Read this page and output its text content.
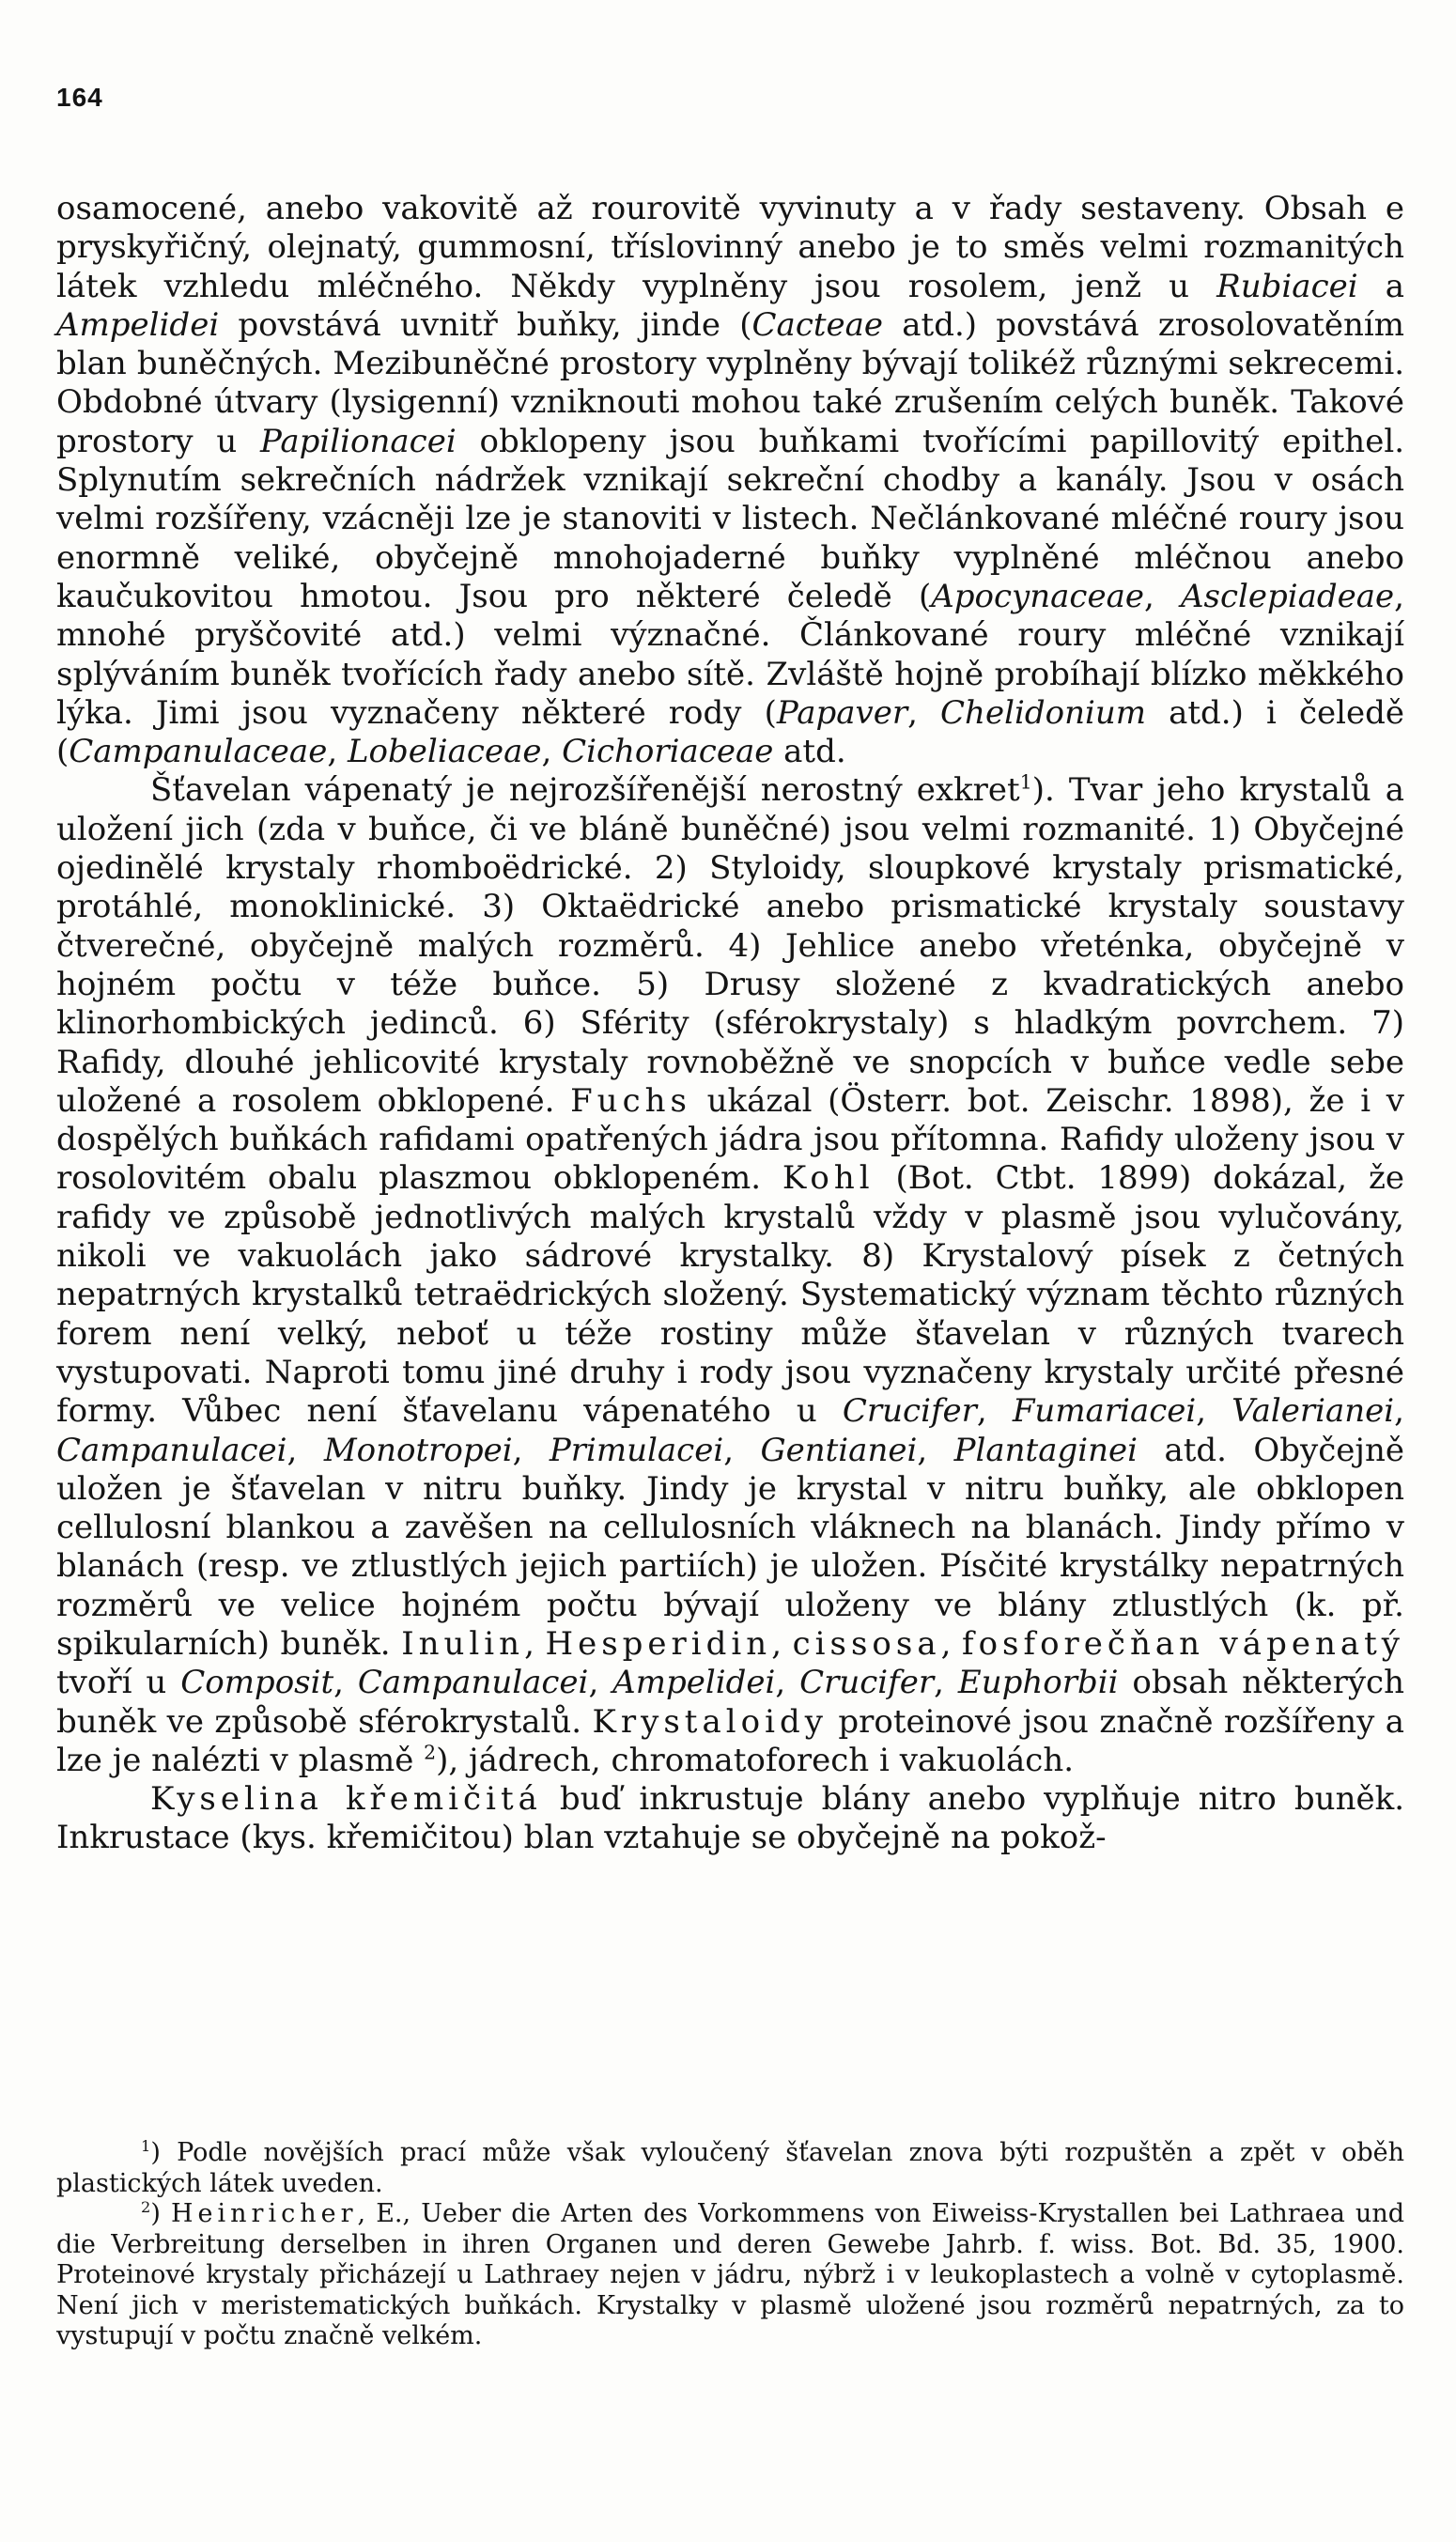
164

osamocené, anebo vakovitě až rourovitě vyvinuty a v řady sestaveny. Obsah e pryskyřičný, olejnatý, gummosní, tříslovinný anebo je to směs velmi rozmanitých látek vzhledu mléčného. Někdy vyplněny jsou rosolem, jenž u Rubiacei a Ampelidei povstává uvnitř buňky, jinde (Cacteae atd.) povstává zrosolovatěním blan buněčných. Mezibuněčné prostory vyplněny bývají tolikéž různými sekrecemi. Obdobné útvary (lysigenní) vzniknouti mohou také zrušením celých buněk. Takové prostory u Papilionacei obklopeny jsou buňkami tvořícími papillovitý epithel. Splynutím sekrečních nádržek vznikají sekreční chodby a kanály. Jsou v osách velmi rozšířeny, vzácněji lze je stanoviti v listech. Nečlánkované mléčné roury jsou enormně veliké, obyčejně mnohojaderné buňky vyplněné mléčnou anebo kaučukovitou hmotou. Jsou pro některé čeledě (Apocynaceae, Asclepiadeae, mnohé pryščovité atd.) velmi význačné. Článkované roury mléčné vznikají splýváním buněk tvořících řady anebo sítě. Zvláště hojně probíhají blízko měkkého lýka. Jimi jsou vyznačeny některé rody (Papaver, Chelidonium atd.) i čeledě (Campanulaceae, Lobeliaceae, Cichoriaceae atd.

Šťavelan vápenatý je nejrozšířenější nerostný exkret$^1$). Tvar jeho krystalů a uložení jich (zda v buňce, či ve bláně buněčné) jsou velmi rozmanité. 1) Obyčejné ojedinělé krystaly rhomboëdrické. 2) Styloidy, sloupkové krystaly prismatické, protáhlé, monoklinické. 3) Oktaëdrické anebo prismatické krystaly soustavy čtverečné, obyčejně malých rozměrů. 4) Jehlice anebo vřeténka, obyčejně v hojném počtu v téže buňce. 5) Drusy složené z kvadratických anebo klinorhombických jedinců. 6) Sférity (sférokrystaly) s hladkým povrchem. 7) Rafidy, dlouhé jehlicovité krystaly rovnoběžně ve snopcích v buňce vedle sebe uložené a rosolem obklopené. Fuchs ukázal (Österr. bot. Zeischr. 1898), že i v dospělých buňkách rafidami opatřených jádra jsou přítomna. Rafidy uloženy jsou v rosolovitém obalu plaszmou obklopeném. Kohl (Bot. Ctbt. 1899) dokázal, že rafidy ve způsobě jednotlivých malých krystalů vždy v plasmě jsou vylučovány, nikoli ve vakuolách jako sádrové krystalky. 8) Krystalový písek z četných nepatrných krystalků tetraëdrických složený. Systematický význam těchto různých forem není velký, neboť u téže rostiny může šťavelan v různých tvarech vystupovati. Naproti tomu jiné druhy i rody jsou vyznačeny krystaly určité přesné formy. Vůbec není šťavelanu vápenatého u Crucifer, Fumariacei, Valerianei, Campanulacei, Monotropei, Primulacei, Gentianei, Plantaginei atd. Obyčejně uložen je šťavelan v nitru buňky. Jindy je krystal v nitru buňky, ale obklopen cellulosní blankou a zavěšen na cellulosních vláknech na blanách. Jindy přímo v blanách (resp. ve ztlustlých jejich partiích) je uložen. Písčité krystálky nepatrných rozměrů ve velice hojném počtu bývají uloženy ve blány ztlustlých (k. př. spikularních) buněk. Inulin, Hesperidin, cissosa, fosforečňan vápenatý tvoří u Composit, Campanulacei, Ampelidei, Crucifer, Euphorbii obsah některých buněk ve způsobě sférokrystalů. Krystaloidy proteinové jsou značně rozšířeny a lze je nalézti v plasmě $^2$), jádrech, chromatoforech i vakuolách.

Kyselina křemičitá buď inkrustuje blány anebo vyplňuje nitro buněk. Inkrustace (kys. křemičitou) blan vztahuje se obyčejně na pokož-

$^1$) Podle novějších prací může však vyloučený šťavelan znova býti rozpuštěn a zpět v oběh plastických látek uveden.

$^2$) Heinricher, E., Ueber die Arten des Vorkommens von Eiweiss-Krystallen bei Lathraea und die Verbreitung derselben in ihren Organen und deren Gewebe Jahrb. f. wiss. Bot. Bd. 35, 1900. Proteinové krystaly přicházejí u Lathraey nejen v jádru, nýbrž i v leukoplastech a volně v cytoplasmě. Není jich v meristematických buňkách. Krystalky v plasmě uložené jsou rozměrů nepatrných, za to vystupují v počtu značně velkém.
